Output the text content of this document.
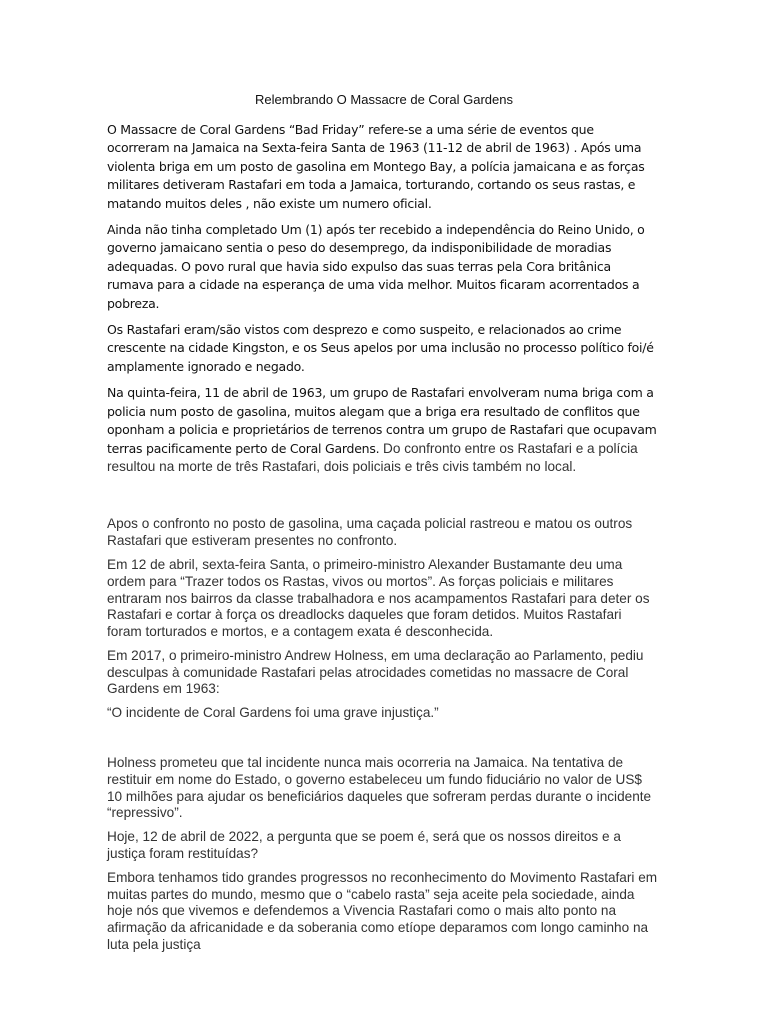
Relembrando O Massacre de Coral Gardens

O Massacre de Coral Gardens “Bad Friday” refere-se a uma série de eventos que ocorreram na Jamaica na Sexta-feira Santa de 1963 (11-12 de abril de 1963) . Após uma violenta briga em um posto de gasolina em Montego Bay, a polícia jamaicana e as forças militares detiveram Rastafari em toda a Jamaica, torturando, cortando os seus rastas, e matando muitos deles , não existe um numero oficial.

Ainda não tinha completado Um (1) após ter recebido a independência do Reino Unido, o governo jamaicano sentia o peso do desemprego, da indisponibilidade de moradias adequadas. O povo rural que havia sido expulso das suas terras pela Cora britânica rumava para a cidade na esperança de uma vida melhor. Muitos ficaram acorrentados a pobreza.

Os Rastafari eram/são vistos com desprezo e como suspeito, e relacionados ao crime crescente na cidade Kingston, e os Seus apelos por uma inclusão no processo político foi/é amplamente ignorado e negado.

Na quinta-feira, 11 de abril de 1963, um grupo de Rastafari envolveram numa briga com a policia num posto de gasolina, muitos alegam que a briga era resultado de conflitos que oponham a policia e proprietários de terrenos contra um grupo de Rastafari que ocupavam terras pacificamente perto de Coral Gardens. Do confronto entre os Rastafari e a polícia resultou na morte de três Rastafari, dois policiais e três civis também no local.

Apos o confronto no posto de gasolina, uma caçada policial rastreou e matou os outros Rastafari que estiveram presentes no confronto.

Em 12 de abril, sexta-feira Santa, o primeiro-ministro Alexander Bustamante deu uma ordem para “Trazer todos os Rastas, vivos ou mortos”. As forças policiais e militares entraram nos bairros da classe trabalhadora e nos acampamentos Rastafari para deter os Rastafari e cortar à força os dreadlocks daqueles que foram detidos. Muitos Rastafari foram torturados e mortos, e a contagem exata é desconhecida.

Em 2017, o primeiro-ministro Andrew Holness, em uma declaração ao Parlamento, pediu desculpas à comunidade Rastafari pelas atrocidades cometidas no massacre de Coral Gardens em 1963:

“O incidente de Coral Gardens foi uma grave injustiça.”

Holness prometeu que tal incidente nunca mais ocorreria na Jamaica. Na tentativa de restituir em nome do Estado, o governo estabeleceu um fundo fiduciário no valor de US$ 10 milhões para ajudar os beneficiários daqueles que sofreram perdas durante o incidente “repressivo”.

Hoje, 12 de abril de 2022, a pergunta que se poem é, será que os nossos direitos e a justiça foram restituídas?

Embora tenhamos tido grandes progressos no reconhecimento do Movimento Rastafari em muitas partes do mundo, mesmo que o “cabelo rasta” seja aceite pela sociedade, ainda hoje nós que vivemos e defendemos a Vivencia Rastafari como o mais alto ponto na afirmação da africanidade e da soberania como etíope deparamos com longo caminho na luta pela justiça
